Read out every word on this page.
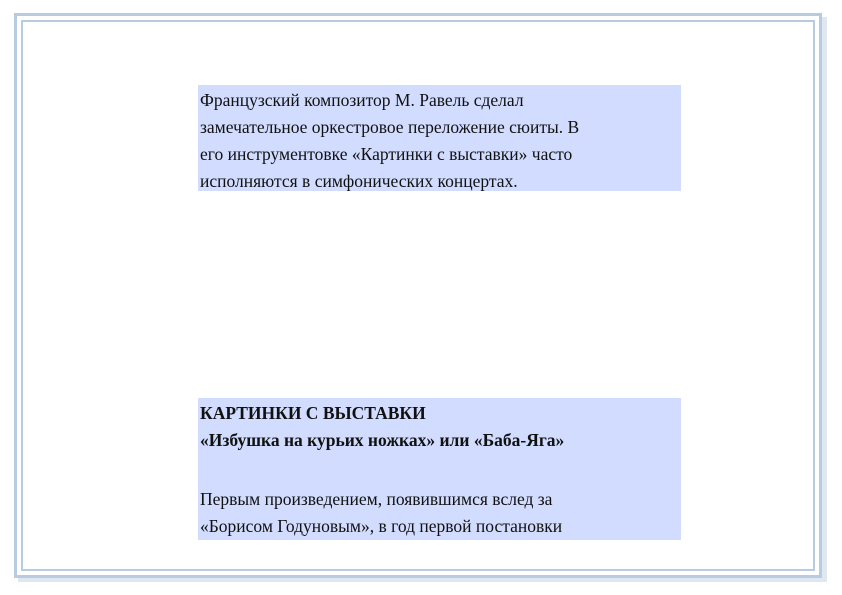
Французский композитор М. Равель сделал
замечательное оркестровое переложение сюиты. В
его инструментовке «Картинки с выставки» часто
исполняются в симфонических концертах.
КАРТИНКИ С ВЫСТАВКИ
«Избушка на курьих ножках» или «Баба-Яга»
Первым произведением, появившимся вслед за
«Борисом Годуновым», в год первой постановки
